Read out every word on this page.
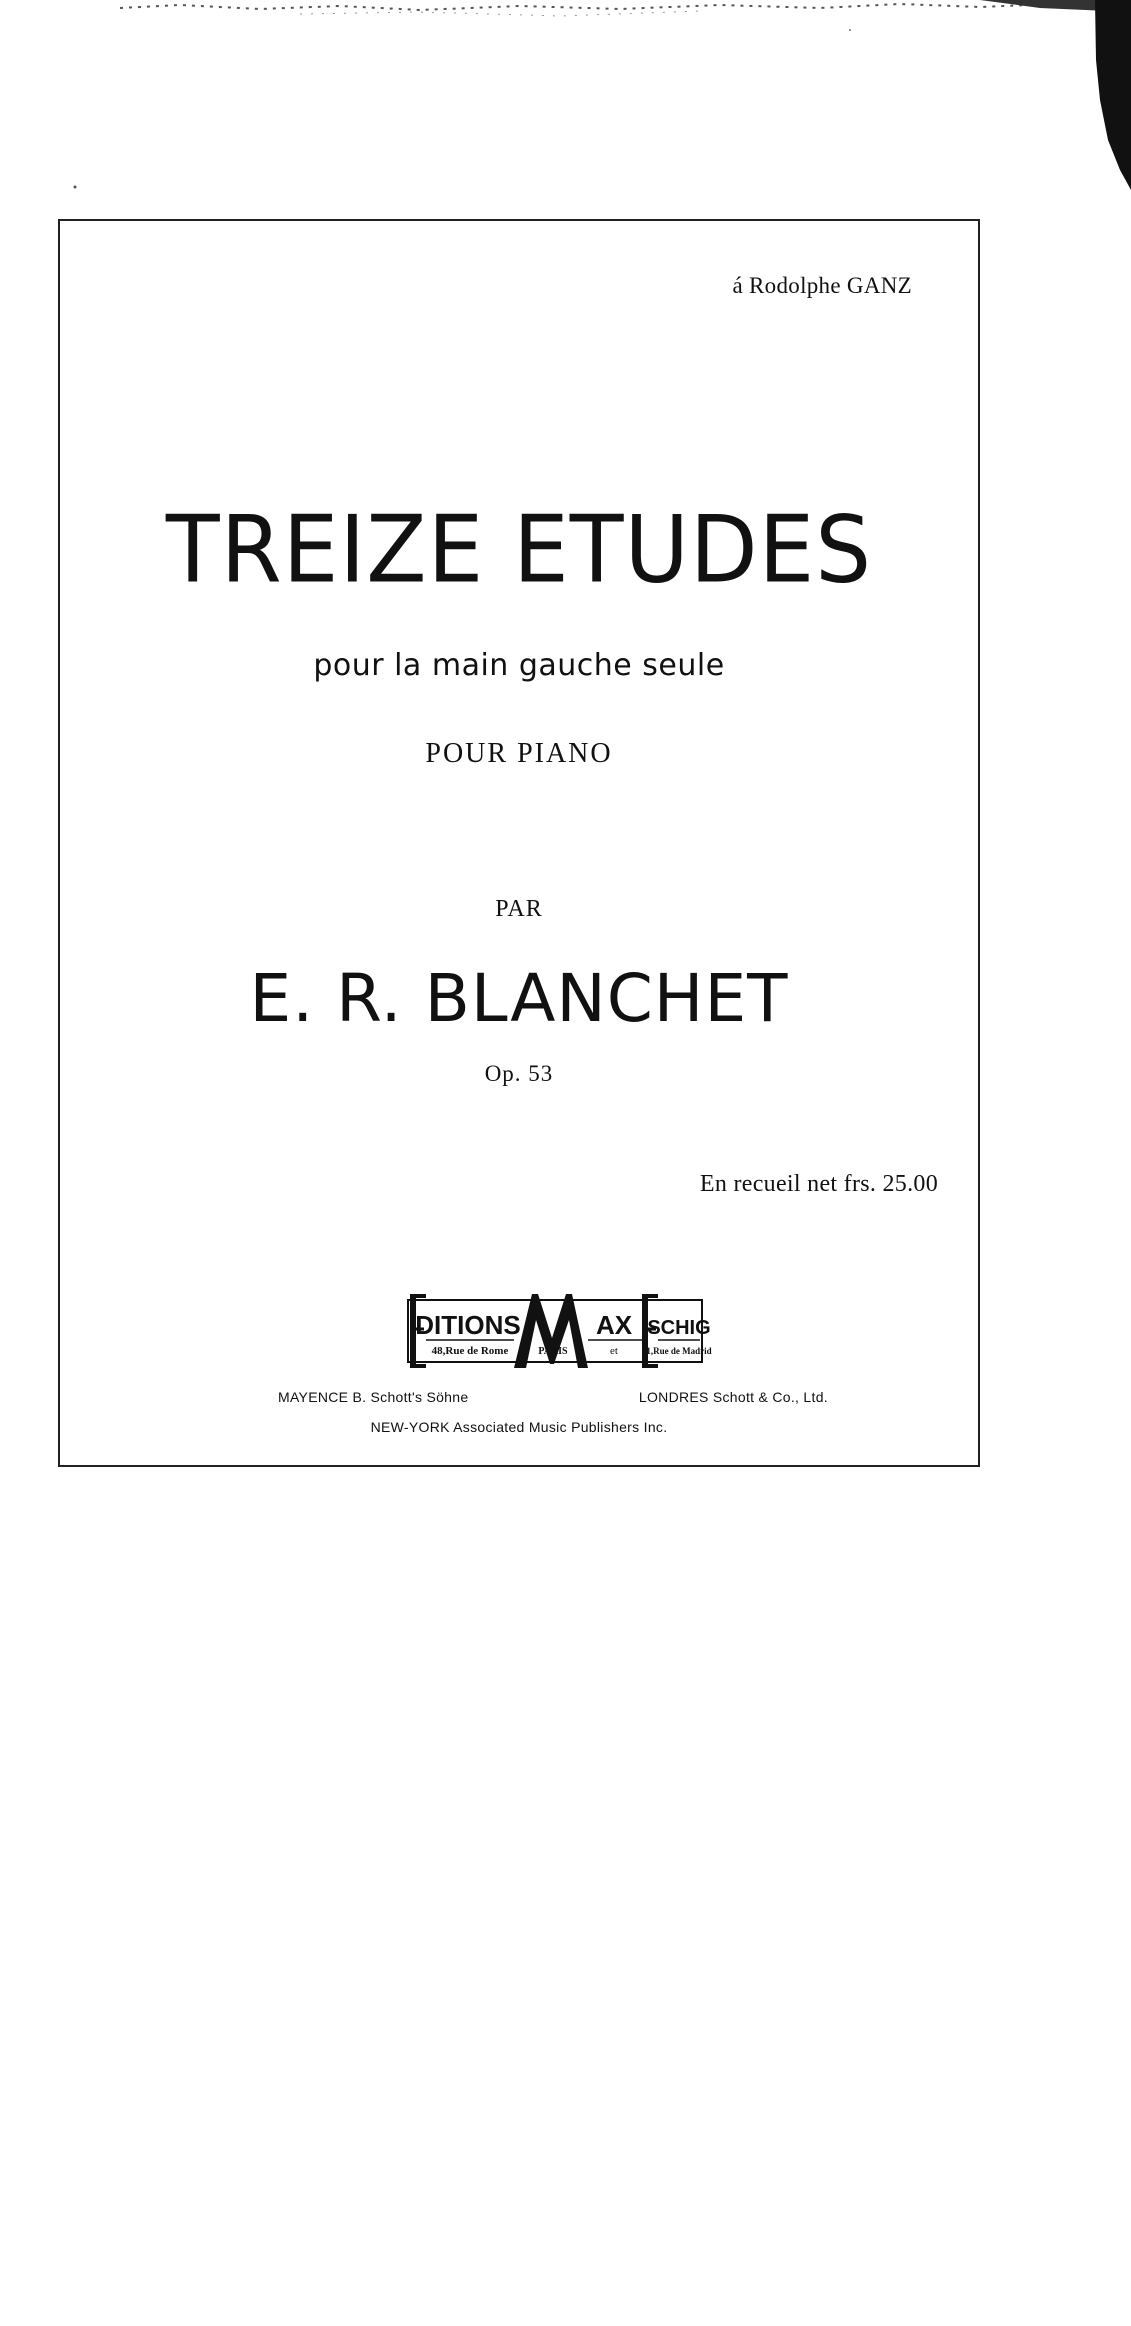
á Rodolphe GANZ
TREIZE ETUDES
pour la main gauche seule
POUR PIANO
PAR
E. R. BLANCHET
Op. 53
En recueil net frs. 25.00
DITIONS	AX SCHIG
48,Rue de Rome	PARIS	et	1,Rue de Madrid
MAYENCE B. Schott's Söhne	LONDRES Schott & Co., Ltd.
NEW-YORK Associated Music Publishers Inc.
